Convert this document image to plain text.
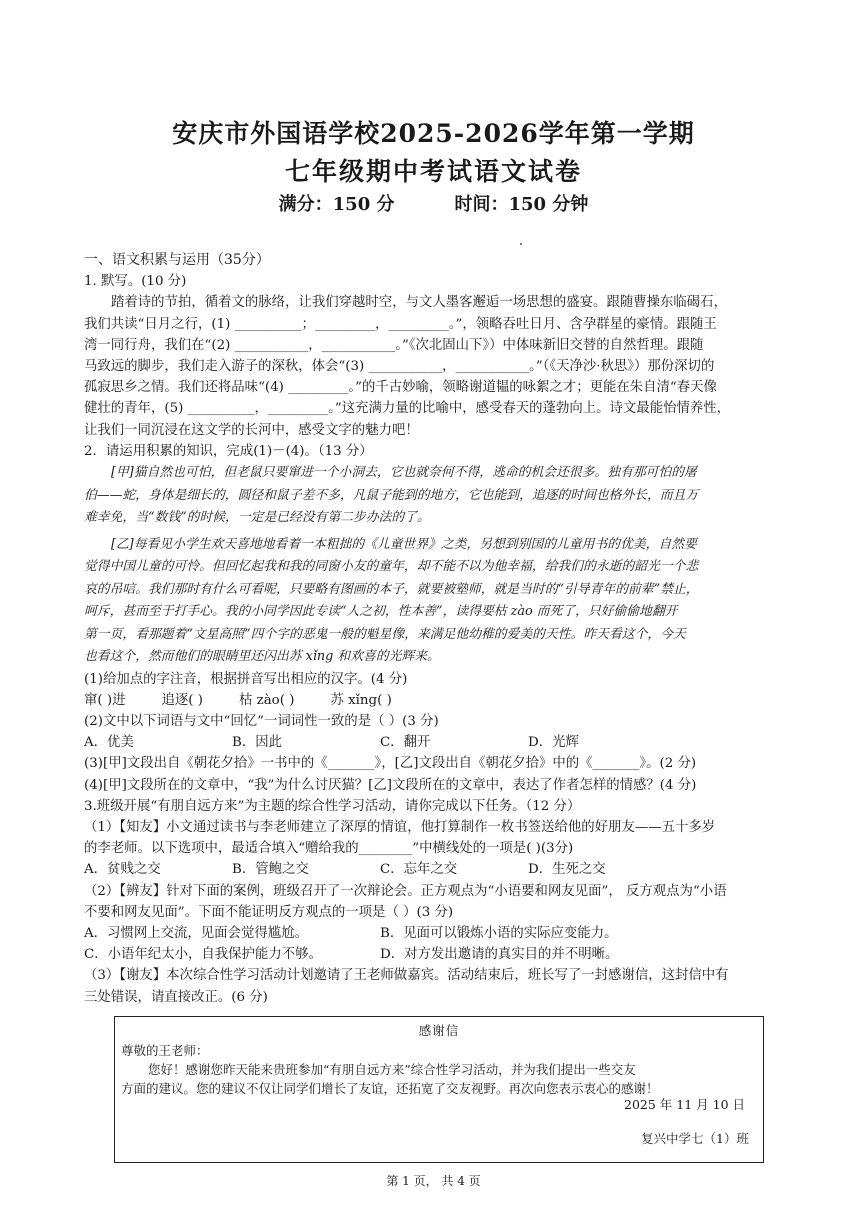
安庆市外国语学校2025-2026学年第一学期
七年级期中考试语文试卷
满分：150 分	时间：150 分钟
一、语文积累与运用（35分）
1. 默写。(10 分)
踏着诗的节拍，循着文的脉络，让我们穿越时空，与文人墨客邂逅一场思想的盛宴。跟随曹操东临碣石，
我们共读“日月之行，(1) __________；_________，_________。”，领略吞吐日月、含孕群星的豪情。跟随王
湾一同行舟，我们在“(2) ___________，___________。”《次北固山下》）中体味新旧交替的自然哲理。跟随
马致远的脚步，我们走入游子的深秋，体会“(3) ___________，___________。”（《天净沙·秋思》）那份深切的
孤寂思乡之情。我们还将品味“(4) _________。”的千古妙喻，领略谢道韫的咏絮之才；更能在朱自清“春天像
健壮的青年，(5) __________，_________。”这充满力量的比喻中，感受春天的蓬勃向上。诗文最能怡情养性，
让我们一同沉浸在这文学的长河中，感受文字的魅力吧！
2．请运用积累的知识，完成(1)－(4)。（13 分）
[甲]猫自然也可怕，但老鼠只要窜进一个小洞去，它也就奈何不得，逃命的机会还很多。独有那可怕的屠
伯——蛇，身体是细长的，圆径和鼠子差不多，凡鼠子能到的地方，它也能到，追逐的时间也格外长，而且万
难幸免，当“数钱”的时候，一定是已经没有第二步办法的了。
[乙]每看见小学生欢天喜地地看着一本粗拙的《儿童世界》之类，另想到别国的儿童用书的优美，自然要
觉得中国儿童的可怜。但回忆起我和我的同窗小友的童年，却不能不以为他幸福，给我们的永逝的韶光一个悲
哀的吊唁。我们那时有什么可看呢，只要略有图画的本子，就要被塾师，就是当时的“引导青年的前辈”禁止，
呵斥，甚而至于打手心。我的小同学因此专读“人之初，性本善”，读得要枯 zào 而死了，只好偷偷地翻开
第一页，看那题着“文星高照”四个字的恶鬼一般的魁星像，来满足他幼稚的爱美的天性。昨天看这个，今天
也看这个，然而他们的眼睛里还闪出苏 xǐng 和欢喜的光辉来。
(1)给加点的字注音，根据拼音写出相应的汉字。(4 分)
窜( )进	追逐( )	枯 zào( )	苏 xǐng( )
(2)文中以下词语与文中“回忆”一词词性一致的是（ ）(3 分)
A．优美	B．因此	C．翻开	D．光辉
(3)[甲]文段出自《朝花夕拾》一书中的《_______》，[乙]文段出自《朝花夕拾》中的《_______》。(2 分)
(4)[甲]文段所在的文章中，“我”为什么讨厌猫？[乙]文段所在的文章中，表达了作者怎样的情感？(4 分)
3.班级开展“有朋自远方来”为主题的综合性学习活动，请你完成以下任务。（12 分）
（1）【知友】小文通过读书与李老师建立了深厚的情谊，他打算制作一枚书签送给他的好朋友——五十多岁
的李老师。以下选项中，最适合填入“赠给我的________”中横线处的一项是( )(3分)
A．贫贱之交	B．管鲍之交	C．忘年之交	D．生死之交
（2）【辨友】针对下面的案例，班级召开了一次辩论会。正方观点为“小语要和网友见面”， 反方观点为“小语
不要和网友见面”。下面不能证明反方观点的一项是（ ）(3 分)
A．习惯网上交流，见面会觉得尴尬。	B．见面可以锻炼小语的实际应变能力。
C．小语年纪太小，自我保护能力不够。	D．对方发出邀请的真实目的并不明晰。
（3）【谢友】本次综合性学习活动计划邀请了王老师做嘉宾。活动结束后，班长写了一封感谢信，这封信中有
三处错误，请直接改正。(6 分)
感谢信
尊敬的王老师：
您好！感谢您昨天能来贵班参加“有朋自远方来”综合性学习活动，并为我们提出一些交友
方面的建议。您的建议不仅让同学们增长了友谊，还拓宽了交友视野。再次向您表示衷心的感谢！
2025 年 11 月 10 日
复兴中学七（1）班
第 1 页， 共 4 页
